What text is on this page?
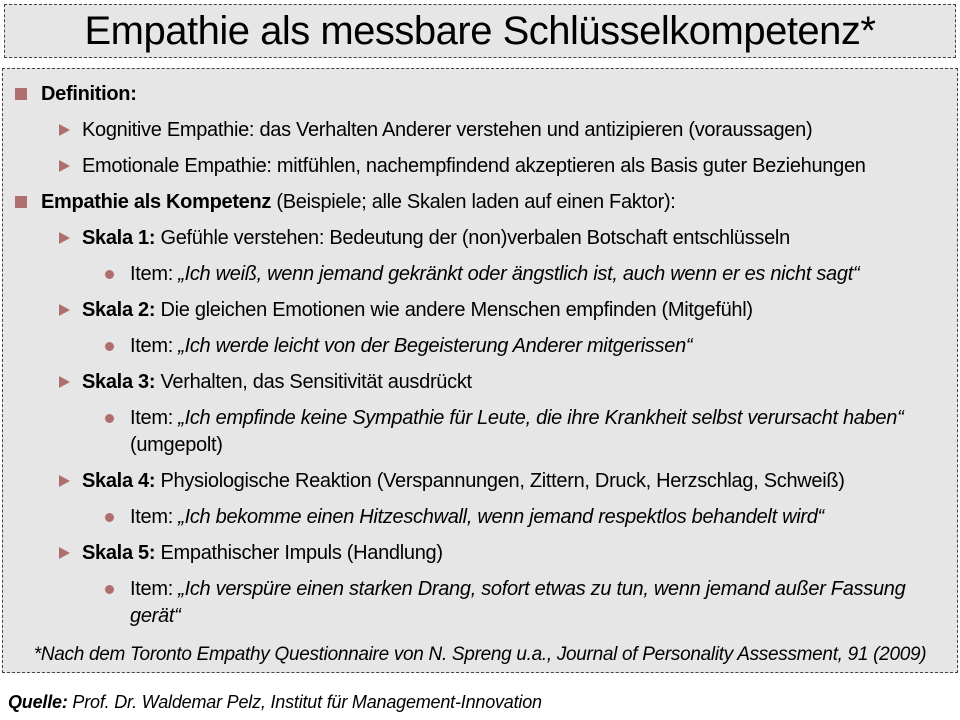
Empathie als messbare Schlüsselkompetenz*

Definition:

Kognitive Empathie: das Verhalten Anderer verstehen und antizipieren (voraussagen)

Emotionale Empathie: mitfühlen, nachempfindend akzeptieren als Basis guter Beziehungen

Empathie als Kompetenz (Beispiele; alle Skalen laden auf einen Faktor):

Skala 1: Gefühle verstehen: Bedeutung der (non)verbalen Botschaft entschlüsseln

Item: „Ich weiß, wenn jemand gekränkt oder ängstlich ist, auch wenn er es nicht sagt“

Skala 2: Die gleichen Emotionen wie andere Menschen empfinden (Mitgefühl)

Item: „Ich werde leicht von der Begeisterung Anderer mitgerissen“

Skala 3: Verhalten, das Sensitivität ausdrückt

Item: „Ich empfinde keine Sympathie für Leute, die ihre Krankheit selbst verursacht haben“ (umgepolt)

Skala 4: Physiologische Reaktion (Verspannungen, Zittern, Druck, Herzschlag, Schweiß)

Item: „Ich bekomme einen Hitzeschwall, wenn jemand respektlos behandelt wird“

Skala 5: Empathischer Impuls (Handlung)

Item: „Ich verspüre einen starken Drang, sofort etwas zu tun, wenn jemand außer Fassung gerät“

*Nach dem Toronto Empathy Questionnaire von N. Spreng u.a., Journal of Personality Assessment, 91 (2009)
Quelle: Prof. Dr. Waldemar Pelz, Institut für Management-Innovation
